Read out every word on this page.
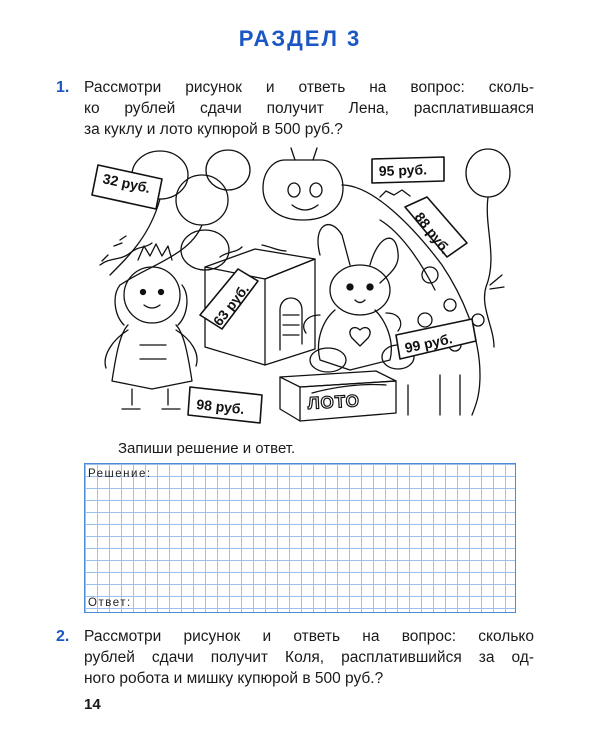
РАЗДЕЛ 3
1. Рассмотри рисунок и ответь на вопрос: сколь-
ко рублей сдачи получит Лена, расплатившаяся
за куклу и лото купюрой в 500 руб.?
32 руб.
95 руб.
88 руб.
63 руб.
99 руб.
98 руб.	ЛОТО
Запиши решение и ответ.
Решение:
Ответ:
2. Рассмотри рисунок и ответь на вопрос: сколько
рублей сдачи получит Коля, расплатившийся за од-
ного робота и мишку купюрой в 500 руб.?
14
